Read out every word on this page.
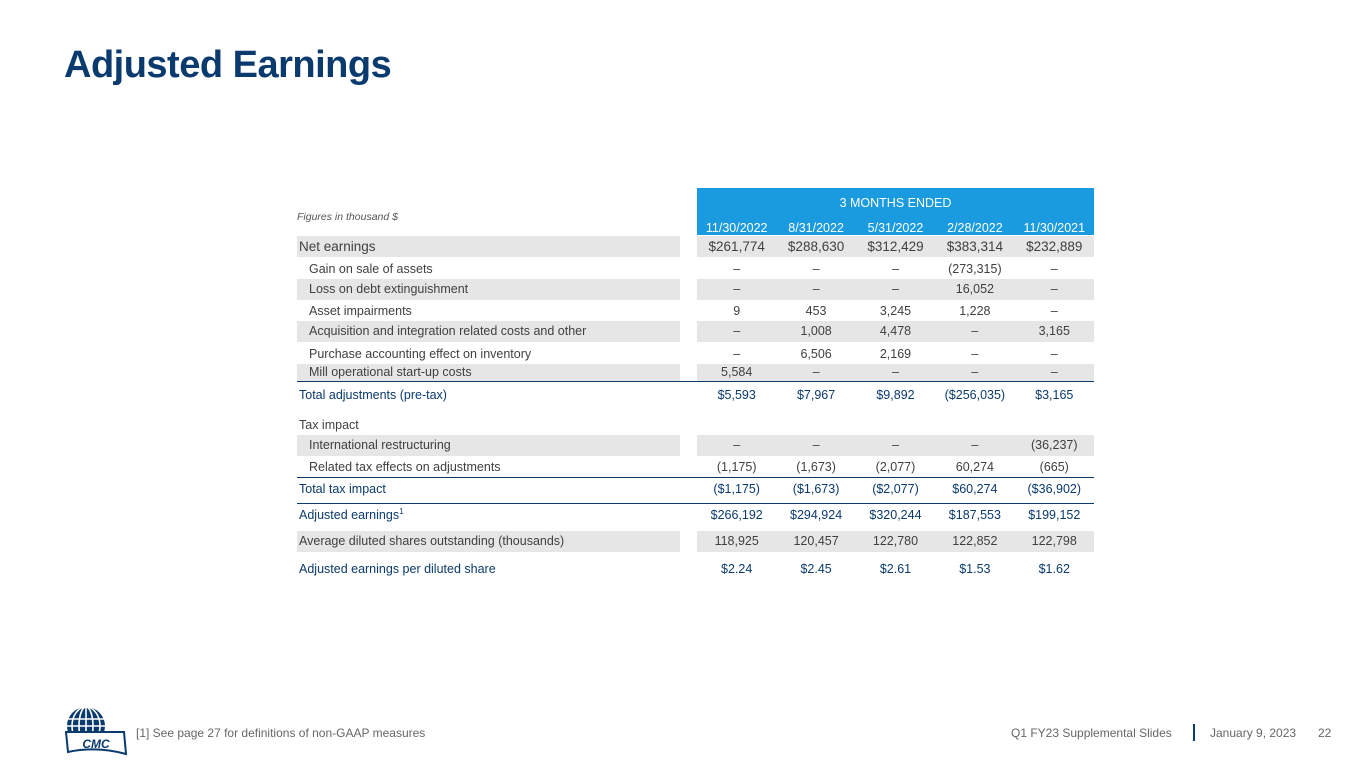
Adjusted Earnings
Figures in thousand $
3 MONTHS ENDED
11/30/2022	8/31/2022	5/31/2022	2/28/2022	11/30/2021
Net earnings	$261,774	$288,630	$312,429	$383,314	$232,889
Gain on sale of assets	–	–	–	(273,315)	–
Loss on debt extinguishment	–	–	–	16,052	–
Asset impairments	9	453	3,245	1,228	–
Acquisition and integration related costs and other	–	1,008	4,478	–	3,165
Purchase accounting effect on inventory	–	6,506	2,169	–	–
Mill operational start-up costs	5,584	–	–	–	–
Total adjustments (pre-tax)	$5,593	$7,967	$9,892	($256,035)	$3,165
Tax impact
International restructuring	–	–	–	–	(36,237)
Related tax effects on adjustments	(1,175)	(1,673)	(2,077)	60,274	(665)
Total tax impact	($1,175)	($1,673)	($2,077)	$60,274	($36,902)
Adjusted earnings$^1$	$266,192	$294,924	$320,244	$187,553	$199,152
Average diluted shares outstanding (thousands)	118,925	120,457	122,780	122,852	122,798
Adjusted earnings per diluted share	$2.24	$2.45	$2.61	$1.53	$1.62
CMC
[1] See page 27 for definitions of non-GAAP measures	Q1 FY23 Supplemental Slides	January 9, 2023 22
